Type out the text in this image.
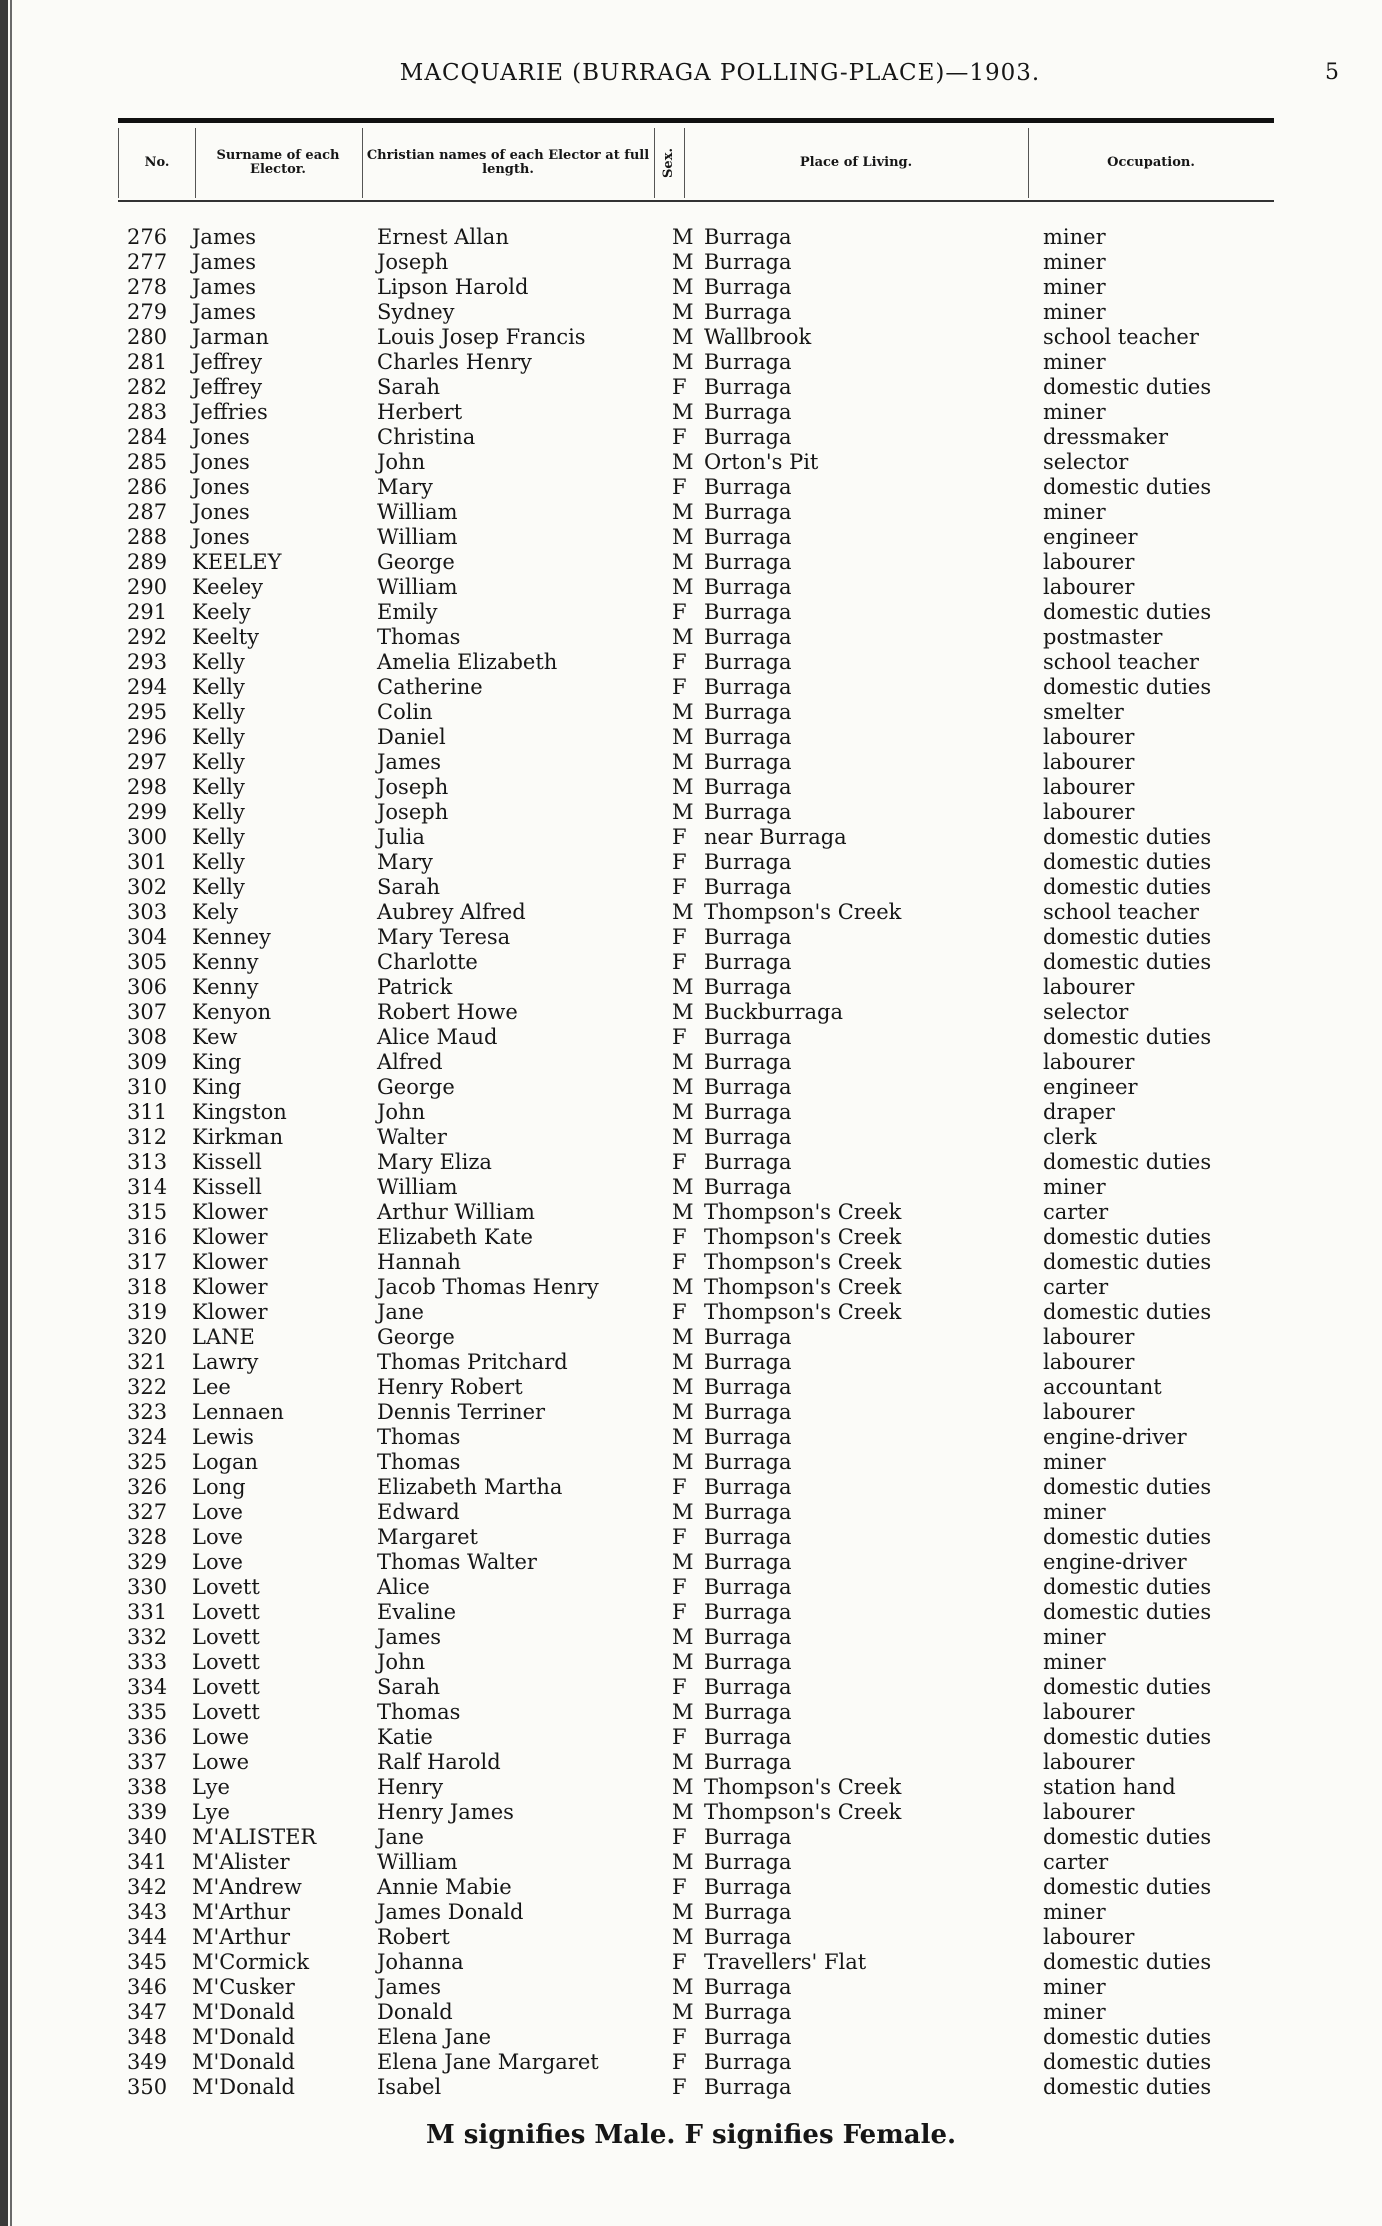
MACQUARIE (BURRAGA POLLING-PLACE)—1903.	5
No.	Surname of each Elector.
Christian names of each Elector at full length.	Sex.	Place of Living.	Occupation.
276	James	Ernest Allan	M Burraga	miner
277	James	Joseph	M Burraga	miner
278	James	Lipson Harold	M Burraga	miner
279	James	Sydney	M Burraga	miner
280	Jarman	Louis Josep Francis	M Wallbrook	school teacher
281	Jeffrey	Charles Henry	M Burraga	miner
282	Jeffrey	Sarah	F Burraga	domestic duties
283	Jeffries	Herbert	M Burraga	miner
284	Jones	Christina	F Burraga	dressmaker
285	Jones	John	M Orton's Pit	selector
286	Jones	Mary	F Burraga	domestic duties
287	Jones	William	M Burraga	miner
288	Jones	William	M Burraga	engineer
289	KEELEY	George	M Burraga	labourer
290	Keeley	William	M Burraga	labourer
291	Keely	Emily	F Burraga	domestic duties
292	Keelty	Thomas	M Burraga	postmaster
293	Kelly	Amelia Elizabeth	F Burraga	school teacher
294	Kelly	Catherine	F Burraga	domestic duties
295	Kelly	Colin	M Burraga	smelter
296	Kelly	Daniel	M Burraga	labourer
297	Kelly	James	M Burraga	labourer
298	Kelly	Joseph	M Burraga	labourer
299	Kelly	Joseph	M Burraga	labourer
300	Kelly	Julia	F near Burraga	domestic duties
301	Kelly	Mary	F Burraga	domestic duties
302	Kelly	Sarah	F Burraga	domestic duties
303	Kely	Aubrey Alfred	M Thompson's Creek	school teacher
304	Kenney	Mary Teresa	F Burraga	domestic duties
305	Kenny	Charlotte	F Burraga	domestic duties
306	Kenny	Patrick	M Burraga	labourer
307	Kenyon	Robert Howe	M Buckburraga	selector
308	Kew	Alice Maud	F Burraga	domestic duties
309	King	Alfred	M Burraga	labourer
310	King	George	M Burraga	engineer
311	Kingston	John	M Burraga	draper
312	Kirkman	Walter	M Burraga	clerk
313	Kissell	Mary Eliza	F Burraga	domestic duties
314	Kissell	William	M Burraga	miner
315	Klower	Arthur William	M Thompson's Creek	carter
316	Klower	Elizabeth Kate	F Thompson's Creek	domestic duties
317	Klower	Hannah	F Thompson's Creek	domestic duties
318	Klower	Jacob Thomas Henry	M Thompson's Creek	carter
319	Klower	Jane	F Thompson's Creek	domestic duties
320	LANE	George	M Burraga	labourer
321	Lawry	Thomas Pritchard	M Burraga	labourer
322	Lee	Henry Robert	M Burraga	accountant
323	Lennaen	Dennis Terriner	M Burraga	labourer
324	Lewis	Thomas	M Burraga	engine-driver
325	Logan	Thomas	M Burraga	miner
326	Long	Elizabeth Martha	F Burraga	domestic duties
327	Love	Edward	M Burraga	miner
328	Love	Margaret	F Burraga	domestic duties
329	Love	Thomas Walter	M Burraga	engine-driver
330	Lovett	Alice	F Burraga	domestic duties
331	Lovett	Evaline	F Burraga	domestic duties
332	Lovett	James	M Burraga	miner
333	Lovett	John	M Burraga	miner
334	Lovett	Sarah	F Burraga	domestic duties
335	Lovett	Thomas	M Burraga	labourer
336	Lowe	Katie	F Burraga	domestic duties
337	Lowe	Ralf Harold	M Burraga	labourer
338	Lye	Henry	M Thompson's Creek	station hand
339	Lye	Henry James	M Thompson's Creek	labourer
340	M'ALISTER	Jane	F Burraga	domestic duties
341	M'Alister	William	M Burraga	carter
342	M'Andrew	Annie Mabie	F Burraga	domestic duties
343	M'Arthur	James Donald	M Burraga	miner
344	M'Arthur	Robert	M Burraga	labourer
345	M'Cormick	Johanna	F Travellers' Flat	domestic duties
346	M'Cusker	James	M Burraga	miner
347	M'Donald	Donald	M Burraga	miner
348	M'Donald	Elena Jane	F Burraga	domestic duties
349	M'Donald	Elena Jane Margaret	F Burraga	domestic duties
350	M'Donald	Isabel	F Burraga	domestic duties
M signifies Male. F signifies Female.
